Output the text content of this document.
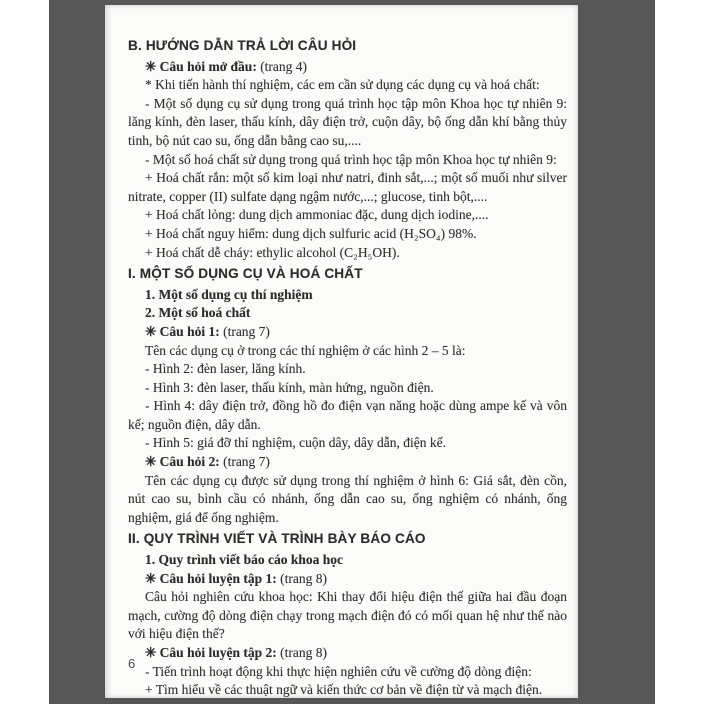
B. HƯỚNG DẪN TRẢ LỜI CÂU HỎI

✳ Câu hỏi mở đầu: (trang 4)

* Khi tiến hành thí nghiệm, các em cần sử dụng các dụng cụ và hoá chất:

- Một số dụng cụ sử dụng trong quá trình học tập môn Khoa học tự nhiên 9: lăng kính, đèn laser, thấu kính, dây điện trở, cuộn dây, bộ ống dẫn khí bằng thủy tinh, bộ nút cao su, ống dẫn bằng cao su,....

- Một số hoá chất sử dụng trong quá trình học tập môn Khoa học tự nhiên 9:

+ Hoá chất rắn: một số kim loại như natri, đinh sắt,...; một số muối như silver nitrate, copper (II) sulfate dạng ngậm nước,...; glucose, tinh bột,....

+ Hoá chất lỏng: dung dịch ammoniac đặc, dung dịch iodine,....

+ Hoá chất nguy hiểm: dung dịch sulfuric acid (H₂SO₄) 98%.

+ Hoá chất dễ cháy: ethylic alcohol (C₂H₅OH).

I. MỘT SỐ DỤNG CỤ VÀ HOÁ CHẤT

1. Một số dụng cụ thí nghiệm

2. Một số hoá chất

✳ Câu hỏi 1: (trang 7)

Tên các dụng cụ ở trong các thí nghiệm ở các hình 2 – 5 là:

- Hình 2: đèn laser, lăng kính.

- Hình 3: đèn laser, thấu kính, màn hứng, nguồn điện.

- Hình 4: dây điện trở, đồng hồ đo điện vạn năng hoặc dùng ampe kế và vôn kế; nguồn điện, dây dẫn.

- Hình 5: giá đỡ thí nghiệm, cuộn dây, dây dẫn, điện kế.

✳ Câu hỏi 2: (trang 7)

Tên các dụng cụ được sử dụng trong thí nghiệm ở hình 6: Giá sắt, đèn cồn, nút cao su, bình cầu có nhánh, ống dẫn cao su, ống nghiệm có nhánh, ống nghiệm, giá để ống nghiệm.

II. QUY TRÌNH VIẾT VÀ TRÌNH BÀY BÁO CÁO

1. Quy trình viết báo cáo khoa học

✳ Câu hỏi luyện tập 1: (trang 8)

Câu hỏi nghiên cứu khoa học: Khi thay đổi hiệu điện thế giữa hai đầu đoạn mạch, cường độ dòng điện chạy trong mạch điện đó có mối quan hệ như thế nào với hiệu điện thế?

✳ Câu hỏi luyện tập 2: (trang 8)

- Tiến trình hoạt động khi thực hiện nghiên cứu về cường độ dòng điện:

+ Tìm hiểu về các thuật ngữ và kiến thức cơ bản về điện từ và mạch điện.

6
